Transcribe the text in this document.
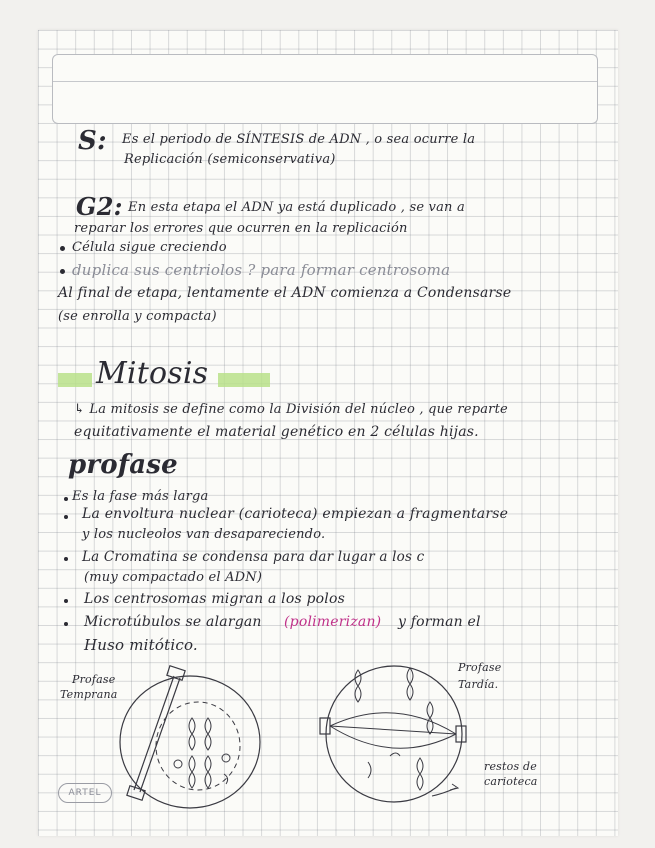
S: Es el periodo de SÍNTESIS de ADN , o sea ocurre la
Replicación (semiconservativa)
G2: En esta etapa el ADN ya está duplicado , se van a
reparar los errores que ocurren en la replicación
Célula sigue creciendo
duplica sus centriolos ? para formar centrosoma
Al final de etapa, lentamente el ADN comienza a Condensarse
(se enrolla y compacta)
Mitosis
↳ La mitosis se define como la División del núcleo , que reparte
equitativamente el material genético en 2 células hijas.
profase
Es la fase más larga
La envoltura nuclear (carioteca) empiezan a fragmentarse
y los nucleolos van desapareciendo.
La Cromatina se condensa para dar lugar a los c
(muy compactado el ADN)
Los centrosomas migran a los polos
Microtúbulos se alargan (polimerizan) y forman el
Huso mitótico.
Profase
Temprana
Profase
Tardía.
restos de
carioteca
ARTEL
